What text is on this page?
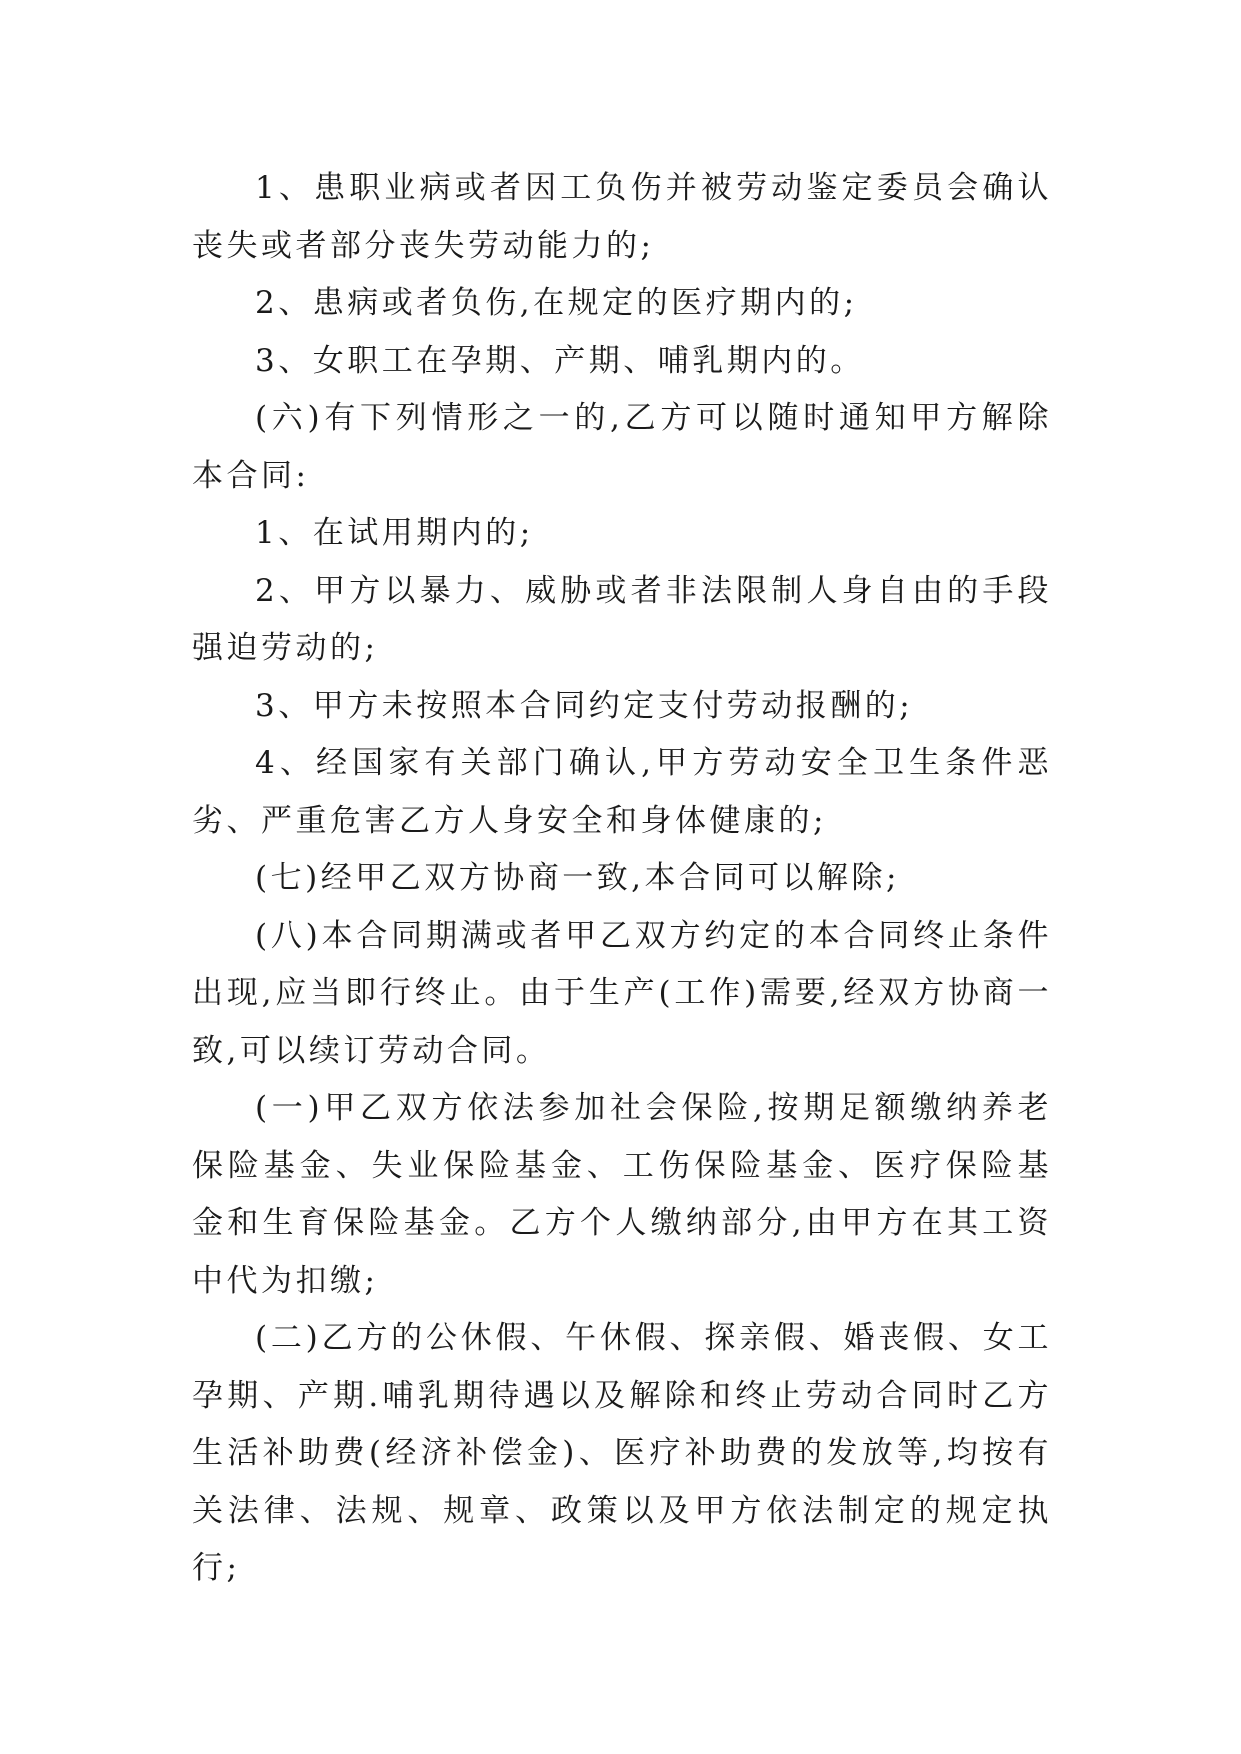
1、患职业病或者因工负伤并被劳动鉴定委员会确认丧失或者部分丧失劳动能力的;

2、患病或者负伤,在规定的医疗期内的;

3、女职工在孕期、产期、哺乳期内的。

(六)有下列情形之一的,乙方可以随时通知甲方解除本合同:

1、在试用期内的;

2、甲方以暴力、威胁或者非法限制人身自由的手段强迫劳动的;

3、甲方未按照本合同约定支付劳动报酬的;

4、经国家有关部门确认,甲方劳动安全卫生条件恶劣、严重危害乙方人身安全和身体健康的;

(七)经甲乙双方协商一致,本合同可以解除;

(八)本合同期满或者甲乙双方约定的本合同终止条件出现,应当即行终止。由于生产(工作)需要,经双方协商一致,可以续订劳动合同。

(一)甲乙双方依法参加社会保险,按期足额缴纳养老保险基金、失业保险基金、工伤保险基金、医疗保险基金和生育保险基金。乙方个人缴纳部分,由甲方在其工资中代为扣缴;

(二)乙方的公休假、午休假、探亲假、婚丧假、女工孕期、产期.哺乳期待遇以及解除和终止劳动合同时乙方生活补助费(经济补偿金)、医疗补助费的发放等,均按有关法律、法规、规章、政策以及甲方依法制定的规定执行;
